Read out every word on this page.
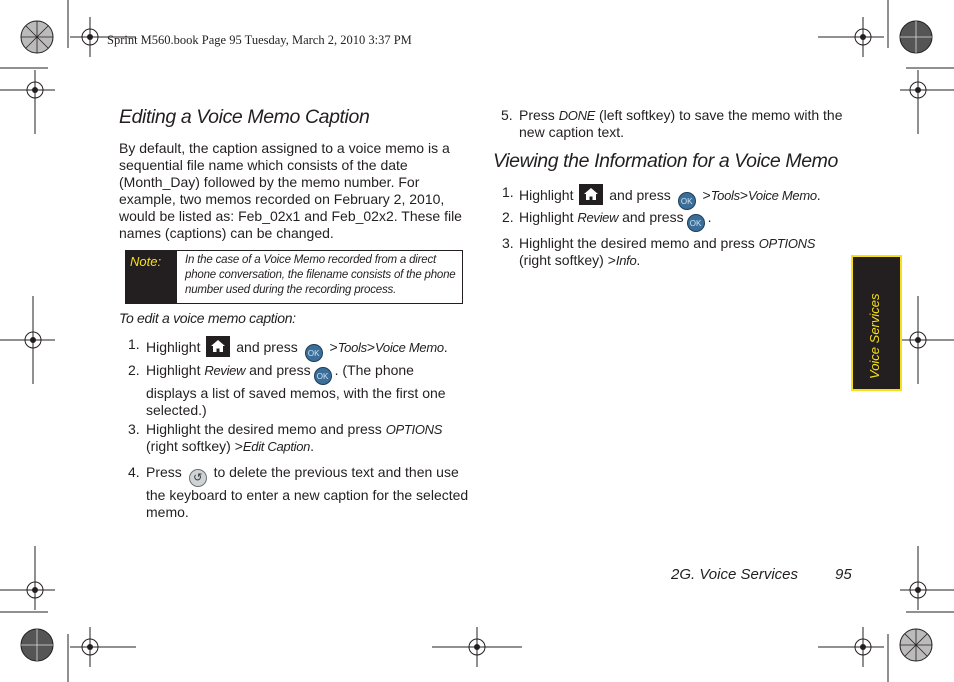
Sprint M560.book Page 95 Tuesday, March 2, 2010 3:37 PM
Editing a Voice Memo Caption
By default, the caption assigned to a voice memo is a sequential file name which consists of the date (Month_Day) followed by the memo number. For example, two memos recorded on February 2, 2010, would be listed as: Feb_02x1 and Feb_02x2. These file names (captions) can be changed.
Note:	In the case of a Voice Memo recorded from a direct phone conversation, the filename consists of the phone number used during the recording process.
To edit a voice memo caption:
1. Highlight	and press OK >Tools>Voice Memo.
2. Highlight Review and press OK . (The phone displays a list of saved memos, with the first one selected.)
3. Highlight the desired memo and press OPTIONS
(right softkey) >Edit Caption.
4. Press ↺ to delete the previous text and then use the keyboard to enter a new caption for the selected memo.
5. Press DONE (left softkey) to save the memo with the new caption text.
Viewing the Information for a Voice Memo
1. Highlight	and press OK >Tools>Voice Memo.
2. Highlight Review and press OK .
3. Highlight the desired memo and press OPTIONS
(right softkey) >Info.
Voice Services
2G. Voice Services 95
